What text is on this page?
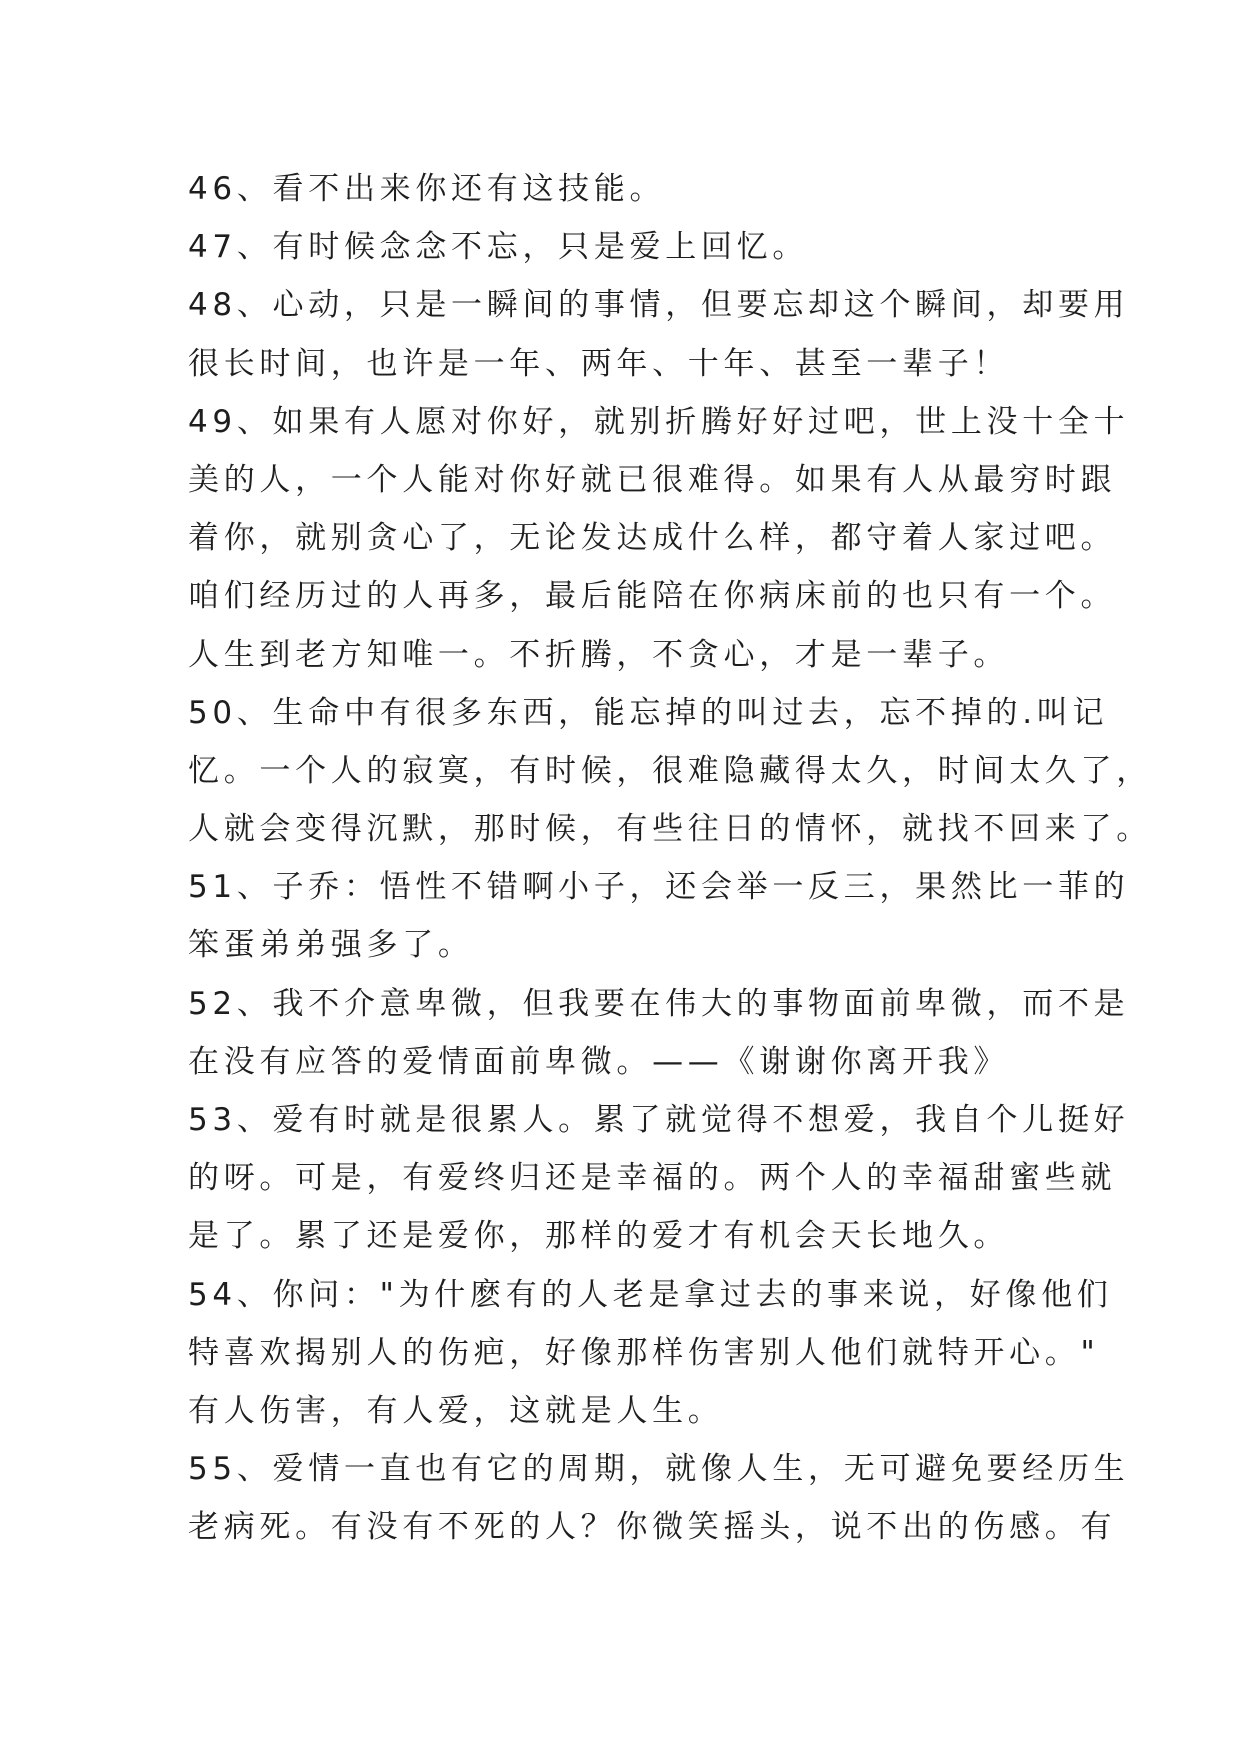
46、看不出来你还有这技能。
47、有时候念念不忘，只是爱上回忆。
48、心动，只是一瞬间的事情，但要忘却这个瞬间，却要用
很长时间，也许是一年、两年、十年、甚至一辈子！
49、如果有人愿对你好，就别折腾好好过吧，世上没十全十
美的人，一个人能对你好就已很难得。如果有人从最穷时跟
着你，就别贪心了，无论发达成什么样，都守着人家过吧。
咱们经历过的人再多，最后能陪在你病床前的也只有一个。
人生到老方知唯一。不折腾，不贪心，才是一辈子。
50、生命中有很多东西，能忘掉的叫过去，忘不掉的.叫记
忆。一个人的寂寞，有时候，很难隐藏得太久，时间太久了，
人就会变得沉默，那时候，有些往日的情怀，就找不回来了。
51、子乔：悟性不错啊小子，还会举一反三，果然比一菲的
笨蛋弟弟强多了。
52、我不介意卑微，但我要在伟大的事物面前卑微，而不是
在没有应答的爱情面前卑微。——《谢谢你离开我》
53、爱有时就是很累人。累了就觉得不想爱，我自个儿挺好
的呀。可是，有爱终归还是幸福的。两个人的幸福甜蜜些就
是了。累了还是爱你，那样的爱才有机会天长地久。
54、你问："为什麽有的人老是拿过去的事来说，好像他们
特喜欢揭别人的伤疤，好像那样伤害别人他们就特开心。"
有人伤害，有人爱，这就是人生。
55、爱情一直也有它的周期，就像人生，无可避免要经历生
老病死。有没有不死的人？你微笑摇头，说不出的伤感。有
